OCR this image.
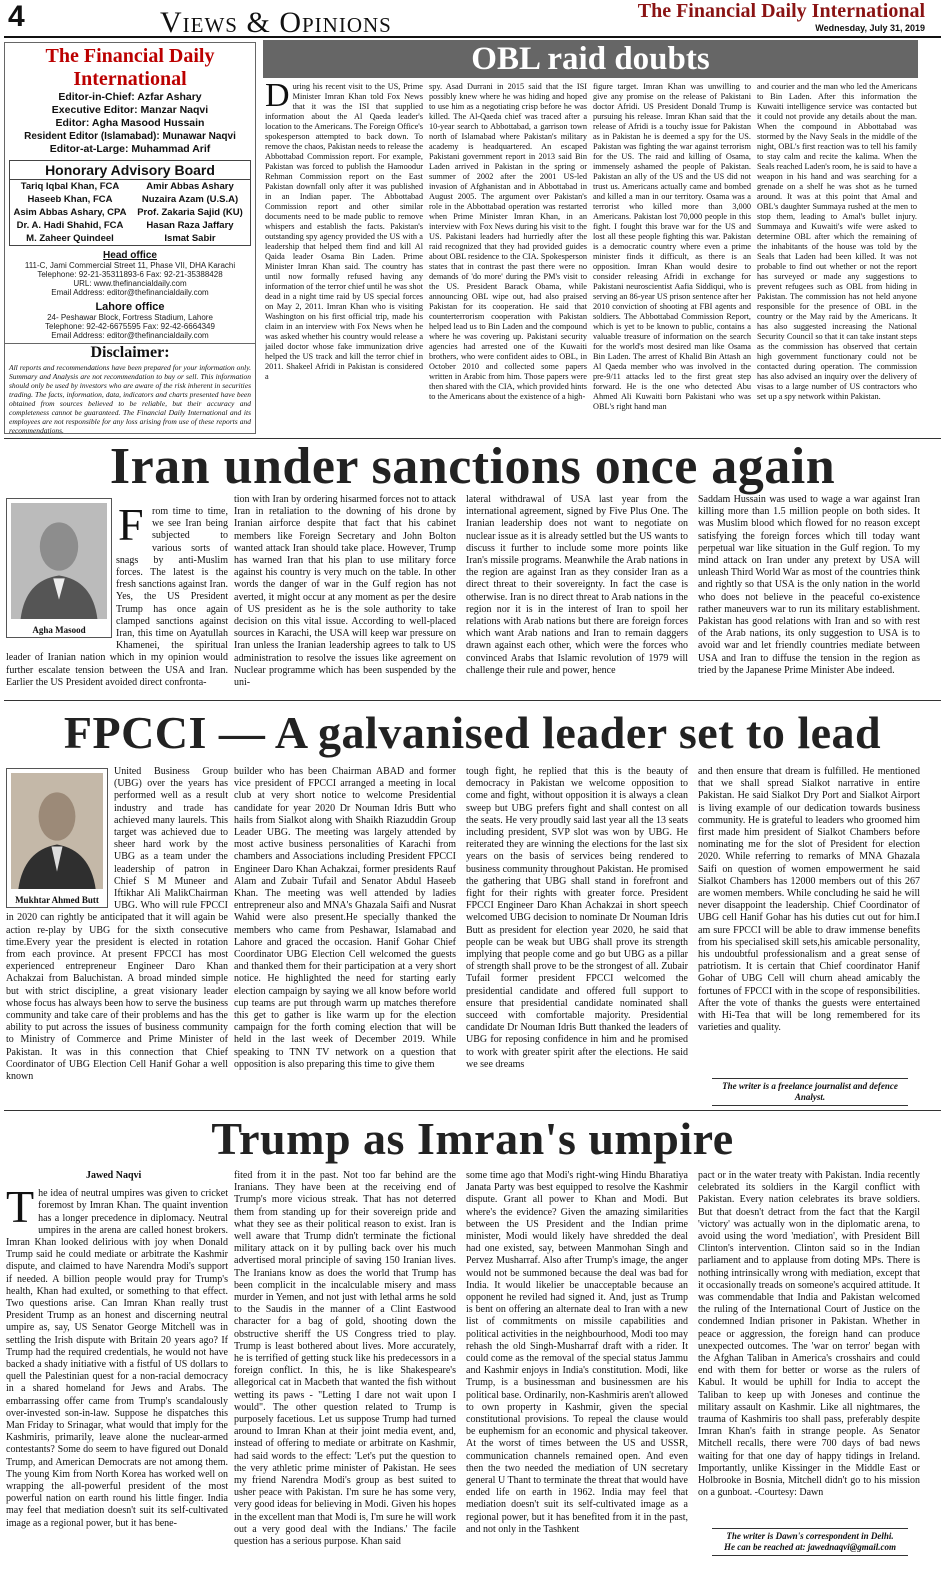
4	Views & Opinions	The Financial Daily International
Wednesday, July 31, 2019
The Financial Daily International
Editor-in-Chief: Azfar Ashary
Executive Editor: Manzar Naqvi
Editor: Agha Masood Hussain
Resident Editor (Islamabad): Munawar Naqvi
Editor-at-Large: Muhammad Arif
Honorary Advisory Board
Tariq Iqbal Khan, FCA	Amir Abbas Ashary
Haseeb Khan, FCA	Nuzaira Azam (U.S.A)
Asim Abbas Ashary, CPA	Prof. Zakaria Sajid (KU)
Dr. A. Hadi Shahid, FCA	Hasan Raza Jaffary
M. Zaheer Quindeel	Ismat Sabir
Head office
111-C, Jami Commercial Street 11, Phase VII, DHA Karachi
Telephone: 92-21-35311893-6 Fax: 92-21-35388428
URL: www.thefinancialdaily.com
Email Address: editor@thefinancialdaily.com
Lahore office
24- Peshawar Block, Fortress Stadium, Lahore
Telephone: 92-42-6675595 Fax: 92-42-6664349
Email Address: editor@thefinancialdaily.com
Disclaimer:
All reports and recommendations have been prepared for your information only. Summary and Analysis are not recommendation to buy or sell. This information should only be used by investors who are aware of the risk inherent in securities trading. The facts, information, data, indicators and charts presented have been obtained from sources believed to be reliable, but their accuracy and completeness cannot be guaranteed. The Financial Daily International and its employees are not responsible for any loss arising from use of these reports and recommendations.
OBL raid doubts
During his recent visit to the US, Prime Minister Imran Khan told Fox News that it was the ISI that supplied information about the Al Qaeda leader's location to the Americans. The Foreign Office's spokesperson attempted to back down. To remove the chaos, Pakistan needs to release the Abbottabad Commission report. For example, Pakistan was forced to publish the Hamoodur Rehman Commission report on the East Pakistan downfall only after it was published in an Indian paper. The Abbottabad Commission report and other similar documents need to be made public to remove whispers and establish the facts. Pakistan's outstanding spy agency provided the US with a leadership that helped them find and kill Al Qaida leader Osama Bin Laden. Prime Minister Imran Khan said. The country has until now formally refused having any information of the terror chief until he was shot dead in a night time raid by US special forces on May 2, 2011. Imran Khan who is visiting Washington on his first official trip, made his claim in an interview with Fox News when he was asked whether his country would release a jailed doctor whose fake immunization drive helped the US track and kill the terror chief in 2011. Shakeel Afridi in Pakistan is considered a
spy. Asad Durrani in 2015 said that the ISI possibly knew where he was hiding and hoped to use him as a negotiating crisp before he was killed. The Al-Qaeda chief was traced after a 10-year search to Abbottabad, a garrison town north of Islamabad where Pakistan's military academy is headquartered. An escaped Pakistani government report in 2013 said Bin Laden arrived in Pakistan in the spring or summer of 2002 after the 2001 US-led invasion of Afghanistan and in Abbottabad in August 2005. The argument over Pakistan's role in the Abbottabad operation was restarted when Prime Minister Imran Khan, in an interview with Fox News during his visit to the US. Pakistani leaders had hurriedly after the raid recognized that they had provided guides about OBL residence to the CIA. Spokesperson states that in contrast the past there were no demands of 'do more' during the PM's visit to the US. President Barack Obama, while announcing OBL wipe out, had also praised Pakistan for its cooperation. He said that counterterrorism cooperation with Pakistan helped lead us to Bin Laden and the compound where he was covering up. Pakistani security agencies had arrested one of the Kuwaiti brothers, who were confident aides to OBL, in October 2010 and collected some papers written in Arabic from him. Those papers were then shared with the CIA, which provided hints to the Americans about the existence of a high-
figure target. Imran Khan was unwilling to give any promise on the release of Pakistani doctor Afridi. US President Donald Trump is pursuing his release. Imran Khan said that the release of Afridi is a touchy issue for Pakistan as in Pakistan he is deemed a spy for the US. Pakistan was fighting the war against terrorism for the US. The raid and killing of Osama, immensely ashamed the people of Pakistan. Pakistan an ally of the US and the US did not trust us. Americans actually came and bombed and killed a man in our territory. Osama was a terrorist who killed more than 3,000 Americans. Pakistan lost 70,000 people in this fight. I fought this brave war for the US and lost all these people fighting this war. Pakistan is a democratic country where even a prime minister finds it difficult, as there is an opposition. Imran Khan would desire to consider releasing Afridi in exchange for Pakistani neuroscientist Aafia Siddiqui, who is serving an 86-year US prison sentence after her 2010 conviction of shooting at FBI agents and soldiers. The Abbottabad Commission Report, which is yet to be known to public, contains a valuable treasure of information on the search for the world's most desired man like Osama Bin Laden. The arrest of Khalid Bin Attash an Al Qaeda member who was involved in the pre-9/11 attacks led to the first great step forward. He is the one who detected Abu Ahmed Ali Kuwaiti born Pakistani who was OBL's right hand man
and courier and the man who led the Americans to Bin Laden. After this information the Kuwaiti intelligence service was contacted but it could not provide any details about the man. When the compound in Abbottabad was stormed by the Navy Seals in the middle of the night, OBL's first reaction was to tell his family to stay calm and recite the kalima. When the Seals reached Laden's room, he is said to have a weapon in his hand and was searching for a grenade on a shelf he was shot as he turned around. It was at this point that Amal and OBL's daughter Summaya rushed at the men to stop them, leading to Amal's bullet injury. Summaya and Kuwaiti's wife were asked to determine OBL after which the remaining of the inhabitants of the house was told by the Seals that Laden had been killed. It was not probable to find out whether or not the report has surveyed or made any suggestions to prevent refugees such as OBL from hiding in Pakistan. The commission has not held anyone responsible for the presence of OBL in the country or the May raid by the Americans. It has also suggested increasing the National Security Council so that it can take instant steps as the commission has observed that certain high government functionary could not be contacted during operation. The commission has also advised an inquiry over the delivery of visas to a large number of US contractors who set up a spy network within Pakistan.
Iran under sanctions once again
Agha Masood
F rom time to time, we see Iran being subjected to various sorts of snags by anti-Muslim forces. The latest is the fresh sanctions against Iran. Yes, the US President Trump has once again clamped sanctions against Iran, this time on Ayatullah Khamenei, the spiritual leader of Iranian nation which in my opinion would further escalate tension between the USA and Iran. Earlier the US President avoided direct confronta-
tion with Iran by ordering hisarmed forces not to attack Iran in retaliation to the downing of his drone by Iranian airforce despite that fact that his cabinet members like Foreign Secretary and John Bolton wanted attack Iran should take place. However, Trump has warned Iran that his plan to use military force against his country is very much on the table. In other words the danger of war in the Gulf region has not averted, it might occur at any moment as per the desire of US president as he is the sole authority to take decision on this vital issue. According to well-placed sources in Karachi, the USA will keep war pressure on Iran unless the Iranian leadership agrees to talk to US administration to resolve the issues like agreement on Nuclear programme which has been suspended by the uni-
lateral withdrawal of USA last year from the international agreement, signed by Five Plus One. The Iranian leadership does not want to negotiate on nuclear issue as it is already settled but the US wants to discuss it further to include some more points like Iran's missile programs. Meanwhile the Arab nations in the region are against Iran as they consider Iran as a direct threat to their sovereignty. In fact the case is otherwise. Iran is no direct threat to Arab nations in the region nor it is in the interest of Iran to spoil her relations with Arab nations but there are foreign forces which want Arab nations and Iran to remain daggers drawn against each other, which were the forces who convinced Arabs that Islamic revolution of 1979 will challenge their rule and power, hence
Saddam Hussain was used to wage a war against Iran killing more than 1.5 million people on both sides. It was Muslim blood which flowed for no reason except satisfying the foreign forces which till today want perpetual war like situation in the Gulf region. To my mind attack on Iran under any pretext by USA will unleash Third World War as most of the countries think and rightly so that USA is the only nation in the world who does not believe in the peaceful co-existence rather maneuvers war to run its military establishment. Pakistan has good relations with Iran and so with rest of the Arab nations, its only suggestion to USA is to avoid war and let friendly countries mediate between USA and Iran to diffuse the tension in the region as tried by the Japanese Prime Minister Abe indeed.
FPCCI — A galvanised leader set to lead
Mukhtar Ahmed Butt
United Business Group (UBG) over the years has performed well as a result industry and trade has achieved many laurels. This target was achieved due to sheer hard work by the UBG as a team under the leadership of patron in Chief S M Muneer and Iftikhar Ali MalikChairman UBG. Who will rule FPCCI in 2020 can rightly be anticipated that it will again be action re-play by UBG for the sixth consecutive time.Every year the president is elected in rotation from each province. At present FPCCI has most experienced entrepreneur Engineer Daro Khan Achakzai from Baluchistan. A broad minded simple but with strict discipline, a great visionary leader whose focus has always been how to serve the business community and take care of their problems and has the ability to put across the issues of business community to Ministry of Commerce and Prime Minister of Pakistan. It was in this connection that Chief Coordinator of UBG Election Cell Hanif Gohar a well known
builder who has been Chairman ABAD and former vice president of FPCCI arranged a meeting in local club at very short notice to welcome Presidential candidate for year 2020 Dr Nouman Idris Butt who hails from Sialkot along with Shaikh Riazuddin Group Leader UBG. The meeting was largely attended by most active business personalities of Karachi from chambers and Associations including President FPCCI Engineer Daro Khan Achakzai, former presidents Rauf Alam and Zubair Tufail and Senator Abdul Haseeb Khan. The meeting was well attended by ladies entrepreneur also and MNA's Ghazala Saifi and Nusrat Wahid were also present.He specially thanked the members who came from Peshawar, Islamabad and Lahore and graced the occasion. Hanif Gohar Chief Coordinator UBG Election Cell welcomed the guests and thanked them for their participation at a very short notice. He highlighted the need for starting early election campaign by saying we all know before world cup teams are put through warm up matches therefore this get to gather is like warm up for the election campaign for the forth coming election that will be held in the last week of December 2019. While speaking to TNN TV network on a question that opposition is also preparing this time to give them
tough fight, he replied that this is the beauty of democracy in Pakistan we welcome opposition to come and fight, without opposition it is always a clean sweep but UBG prefers fight and shall contest on all the seats. He very proudly said last year all the 13 seats including president, SVP slot was won by UBG. He reiterated they are winning the elections for the last six years on the basis of services being rendered to business community throughout Pakistan. He promised the gathering that UBG shall stand in forefront and fight for their rights with greater force. President FPCCI Engineer Daro Khan Achakzai in short speech welcomed UBG decision to nominate Dr Nouman Idris Butt as president for election year 2020, he said that people can be weak but UBG shall prove its strength implying that people come and go but UBG as a pillar of strength shall prove to be the strongest of all. Zubair Tufail former president FPCCI welcomed the presidential candidate and offered full support to ensure that presidential candidate nominated shall succeed with comfortable majority. Presidential candidate Dr Nouman Idris Butt thanked the leaders of UBG for reposing confidence in him and he promised to work with greater spirit after the elections. He said we see dreams
and then ensure that dream is fulfilled. He mentioned that we shall spread Sialkot narrative in entire Pakistan. He said Sialkot Dry Port and Sialkot Airport is living example of our dedication towards business community. He is grateful to leaders who groomed him first made him president of Sialkot Chambers before nominating me for the slot of President for election 2020. While referring to remarks of MNA Ghazala Saifi on question of women empowerment he said Sialkot Chambers has 12000 members out of this 267 are women members. While concluding he said he will never disappoint the leadership. Chief Coordinator of UBG cell Hanif Gohar has his duties cut out for him.I am sure FPCCI will be able to draw immense benefits from his specialised skill sets,his amicable personality, his undoubtful professionalism and a great sense of patriotism. It is certain that Chief coordinator Hanif Gohar of UBG Cell will churn ahead amicably the fortunes of FPCCI with in the scope of responsibilities. After the vote of thanks the guests were entertained with Hi-Tea that will be long remembered for its varieties and quality.
The writer is a freelance journalist and defence Analyst.
Trump as Imran's umpire
Jawed Naqvi
T he idea of neutral umpires was given to cricket foremost by Imran Khan. The quaint invention has a longer precedence in diplomacy. Neutral umpires in the arena are called honest brokers. Imran Khan looked delirious with joy when Donald Trump said he could mediate or arbitrate the Kashmir dispute, and claimed to have Narendra Modi's support if needed. A billion people would pray for Trump's health, Khan had exulted, or something to that effect. Two questions arise. Can Imran Khan really trust President Trump as an honest and discerning neutral umpire as, say, US Senator George Mitchell was in settling the Irish dispute with Britain 20 years ago? If Trump had the required credentials, he would not have backed a shady initiative with a fistful of US dollars to quell the Palestinian quest for a non-racial democracy in a shared homeland for Jews and Arabs. The embarrassing offer came from Trump's scandalously over-invested son-in-law. Suppose he dispatches this Man Friday to Srinagar, what would that imply for the Kashmiris, primarily, leave alone the nuclear-armed contestants? Some do seem to have figured out Donald Trump, and American Democrats are not among them. The young Kim from North Korea has worked well on wrapping the all-powerful president of the most powerful nation on earth round his little finger. India may feel that mediation doesn't suit its self-cultivated image as a regional power, but it has bene-
fited from it in the past. Not too far behind are the Iranians. They have been at the receiving end of Trump's more vicious streak. That has not deterred them from standing up for their sovereign pride and what they see as their political reason to exist. Iran is well aware that Trump didn't terminate the fictional military attack on it by pulling back over his much advertised moral principle of saving 150 Iranian lives. The Iranians know as does the world that Trump has been complicit in the incalculable misery and mass murder in Yemen, and not just with lethal arms he sold to the Saudis in the manner of a Clint Eastwood character for a bag of gold, shooting down the obstructive sheriff the US Congress tried to play. Trump is least bothered about lives. More accurately, he is terrified of getting stuck like his predecessors in a foreign conflict. In this, he is like Shakespeare's allegorical cat in Macbeth that wanted the fish without wetting its paws - "Letting I dare not wait upon I would". The other question related to Trump is purposely facetious. Let us suppose Trump had turned around to Imran Khan at their joint media event, and, instead of offering to mediate or arbitrate on Kashmir, had said words to the effect: 'Let's put the question to the very athletic prime minister of Pakistan. He sees my friend Narendra Modi's group as best suited to usher peace with Pakistan. I'm sure he has some very, very good ideas for believing in Modi. Given his hopes in the excellent man that Modi is, I'm sure he will work out a very good deal with the Indians.' The facile question has a serious purpose. Khan said
some time ago that Modi's right-wing Hindu Bharatiya Janata Party was best equipped to resolve the Kashmir dispute. Grant all power to Khan and Modi. But where's the evidence? Given the amazing similarities between the US President and the Indian prime minister, Modi would likely have shredded the deal had one existed, say, between Manmohan Singh and Pervez Musharraf. Also after Trump's image, the anger would not be summoned because the deal was bad for India. It would likelier be unacceptable because an opponent he reviled had signed it. And, just as Trump is bent on offering an alternate deal to Iran with a new list of commitments on missile capabilities and political activities in the neighbourhood, Modi too may rehash the old Singh-Musharraf draft with a rider. It could come as the removal of the special status Jammu and Kashmir enjoys in India's constitution. Modi, like Trump, is a businessman and businessmen are his political base. Ordinarily, non-Kashmiris aren't allowed to own property in Kashmir, given the special constitutional provisions. To repeal the clause would be euphemism for an economic and physical takeover. At the worst of times between the US and USSR, communication channels remained open. And even then the two needed the mediation of UN secretary general U Thant to terminate the threat that would have ended life on earth in 1962. India may feel that mediation doesn't suit its self-cultivated image as a regional power, but it has benefited from it in the past, and not only in the Tashkent
pact or in the water treaty with Pakistan. India recently celebrated its soldiers in the Kargil conflict with Pakistan. Every nation celebrates its brave soldiers. But that doesn't detract from the fact that the Kargil 'victory' was actually won in the diplomatic arena, to avoid using the word 'mediation', with President Bill Clinton's intervention. Clinton said so in the Indian parliament and to applause from doting MPs. There is nothing intrinsically wrong with mediation, except that it occasionally treads on someone's acquired attitude. It was commendable that India and Pakistan welcomed the ruling of the International Court of Justice on the condemned Indian prisoner in Pakistan. Whether in peace or aggression, the foreign hand can produce unexpected outcomes. The 'war on terror' began with the Afghan Taliban in America's crosshairs and could end with them for better or worse as the rulers of Kabul. It would be uphill for India to accept the Taliban to keep up with Joneses and continue the military assault on Kashmir. Like all nightmares, the trauma of Kashmiris too shall pass, preferably despite Imran Khan's faith in strange people. As Senator Mitchell recalls, there were 700 days of bad news waiting for that one day of happy tidings in Ireland. Importantly, unlike Kissinger in the Middle East or Holbrooke in Bosnia, Mitchell didn't go to his mission on a gunboat. -Courtesy: Dawn
The writer is Dawn's correspondent in Delhi.
He can be reached at: jawednaqvi@gmail.com
